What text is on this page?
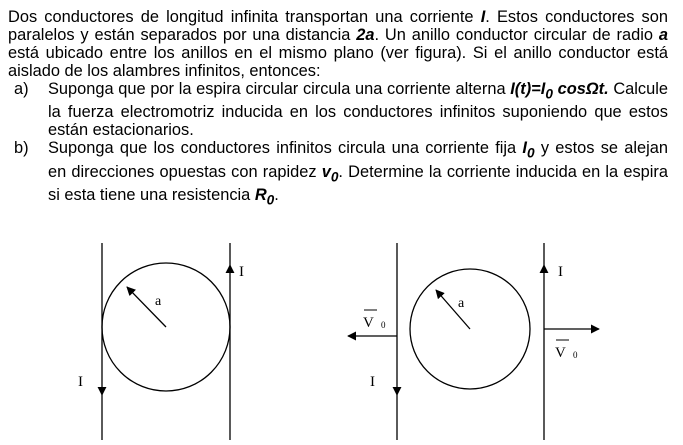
Dos conductores de longitud infinita transportan una corriente I. Estos conductores son paralelos y están separados por una distancia 2a. Un anillo conductor circular de radio a está ubicado entre los anillos en el mismo plano (ver figura). Si el anillo conductor está aislado de los alambres infinitos, entonces:

a) Suponga que por la espira circular circula una corriente alterna $I(t)=I_0$ cosΩt. Calcule la fuerza electromotriz inducida en los conductores infinitos suponiendo que estos están estacionarios.

b) Suponga que los conductores infinitos circula una corriente fija $I_0$ y estos se alejan en direcciones opuestas con rapidez $v_0$. Determine la corriente inducida en la espira si esta tiene una resistencia $R_0$.

a
I
I
a
V 0
V 0
I
I
